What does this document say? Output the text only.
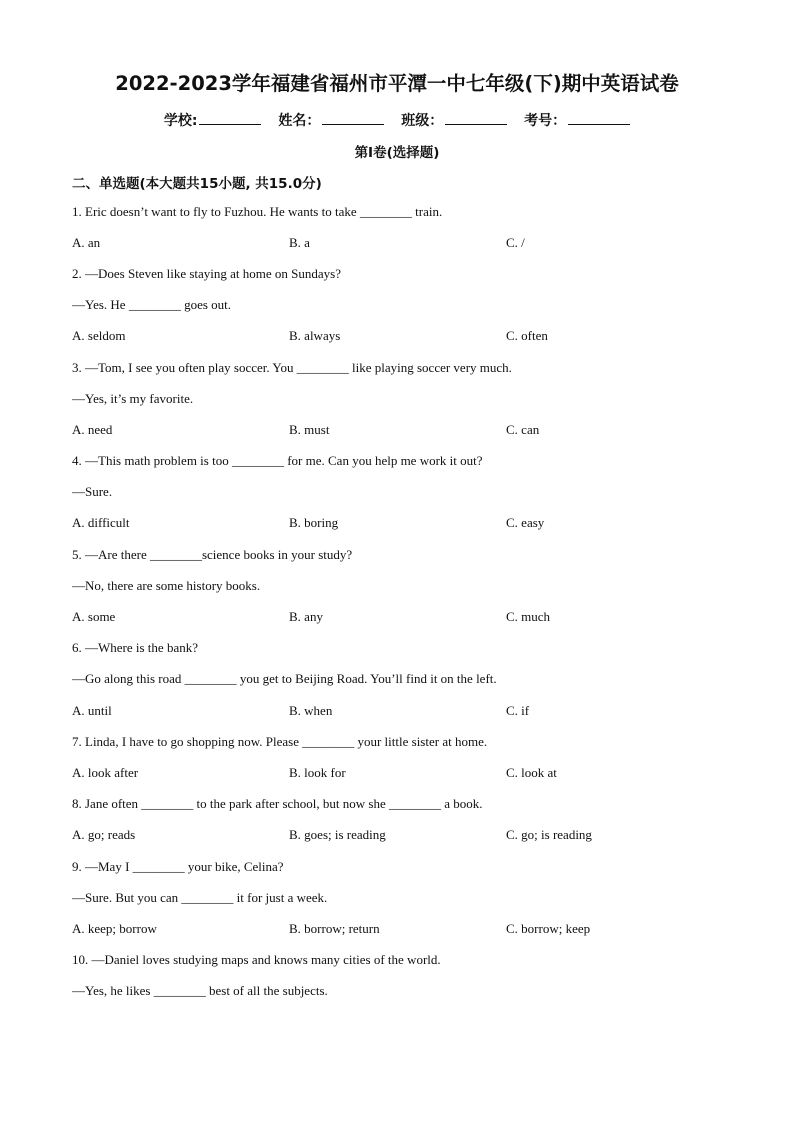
2022-2023学年福建省福州市平潭一中七年级(下)期中英语试卷
学校:	姓名：	班级：	考号：
第I卷(选择题)
二、单选题(本大题共15小题, 共15.0分)
1. Eric doesn’t want to fly to Fuzhou. He wants to take ________ train.
A. an	B. a	C. /
2. —Does Steven like staying at home on Sundays?
—Yes. He ________ goes out.
A. seldom	B. always	C. often
3. —Tom, I see you often play soccer. You ________ like playing soccer very much.
—Yes, it’s my favorite.
A. need	B. must	C. can
4. —This math problem is too ________ for me. Can you help me work it out?
—Sure.
A. difficult	B. boring	C. easy
5. —Are there ________science books in your study?
—No, there are some history books.
A. some	B. any	C. much
6. —Where is the bank?
—Go along this road ________ you get to Beijing Road. You’ll find it on the left.
A. until	B. when	C. if
7. Linda, I have to go shopping now. Please ________ your little sister at home.
A. look after	B. look for	C. look at
8. Jane often ________ to the park after school, but now she ________ a book.
A. go; reads	B. goes; is reading	C. go; is reading
9. —May I ________ your bike, Celina?
—Sure. But you can ________ it for just a week.
A. keep; borrow	B. borrow; return	C. borrow; keep
10. —Daniel loves studying maps and knows many cities of the world.
—Yes, he likes ________ best of all the subjects.
